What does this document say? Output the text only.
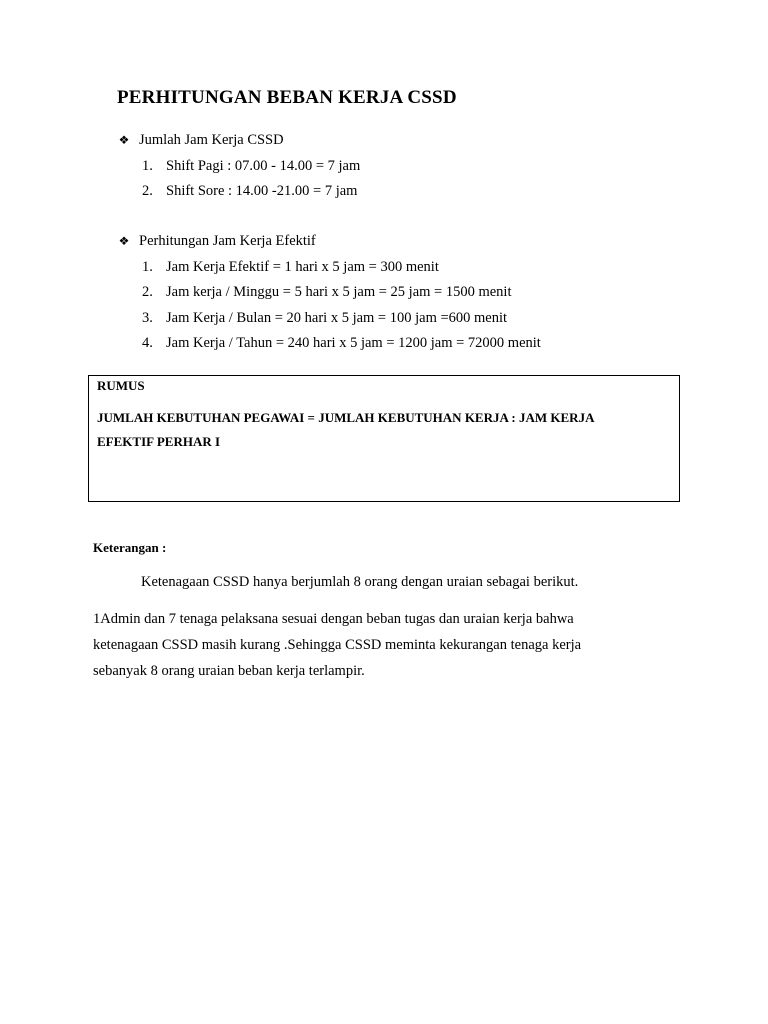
PERHITUNGAN BEBAN KERJA CSSD
❖ Jumlah Jam Kerja CSSD
1. Shift Pagi : 07.00 - 14.00 = 7 jam
2. Shift Sore : 14.00 -21.00 = 7 jam
❖ Perhitungan Jam Kerja Efektif
1. Jam Kerja Efektif = 1 hari x 5 jam = 300 menit
2. Jam kerja / Minggu = 5 hari x 5 jam = 25 jam = 1500 menit
3. Jam Kerja / Bulan = 20 hari x 5 jam = 100 jam =600 menit
4. Jam Kerja / Tahun = 240 hari x 5 jam = 1200 jam = 72000 menit
RUMUS
JUMLAH KEBUTUHAN PEGAWAI = JUMLAH KEBUTUHAN KERJA : JAM KERJA
EFEKTIF PERHAR I
Keterangan :
Ketenagaan CSSD hanya berjumlah 8 orang dengan uraian sebagai berikut.
1Admin dan 7 tenaga pelaksana sesuai dengan beban tugas dan uraian kerja bahwa
ketenagaan CSSD masih kurang .Sehingga CSSD meminta kekurangan tenaga kerja
sebanyak 8 orang uraian beban kerja terlampir.
